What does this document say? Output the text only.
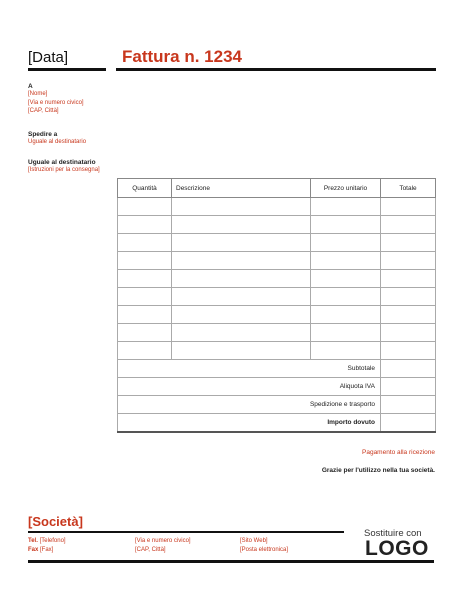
[Data]	Fattura n. 1234
A
[Nome]
[Via e numero civico]
[CAP, Città]
Spedire a
Uguale al destinatario
Uguale al destinatario
[Istruzioni per la consegna]
Quantità	Descrizione	Prezzo unitario	Totale

Subtotale			
Aliquota IVA			
Spedizione e trasporto			
Importo dovuto			
Pagamento alla ricezione
Grazie per l'utilizzo nella tua società.
[Società]
Tel. [Telefono]
Fax [Fax]
[Via e numero civico]
[CAP, Città]
[Sito Web]
[Posta elettronica]
Sostituire con
LOGO
